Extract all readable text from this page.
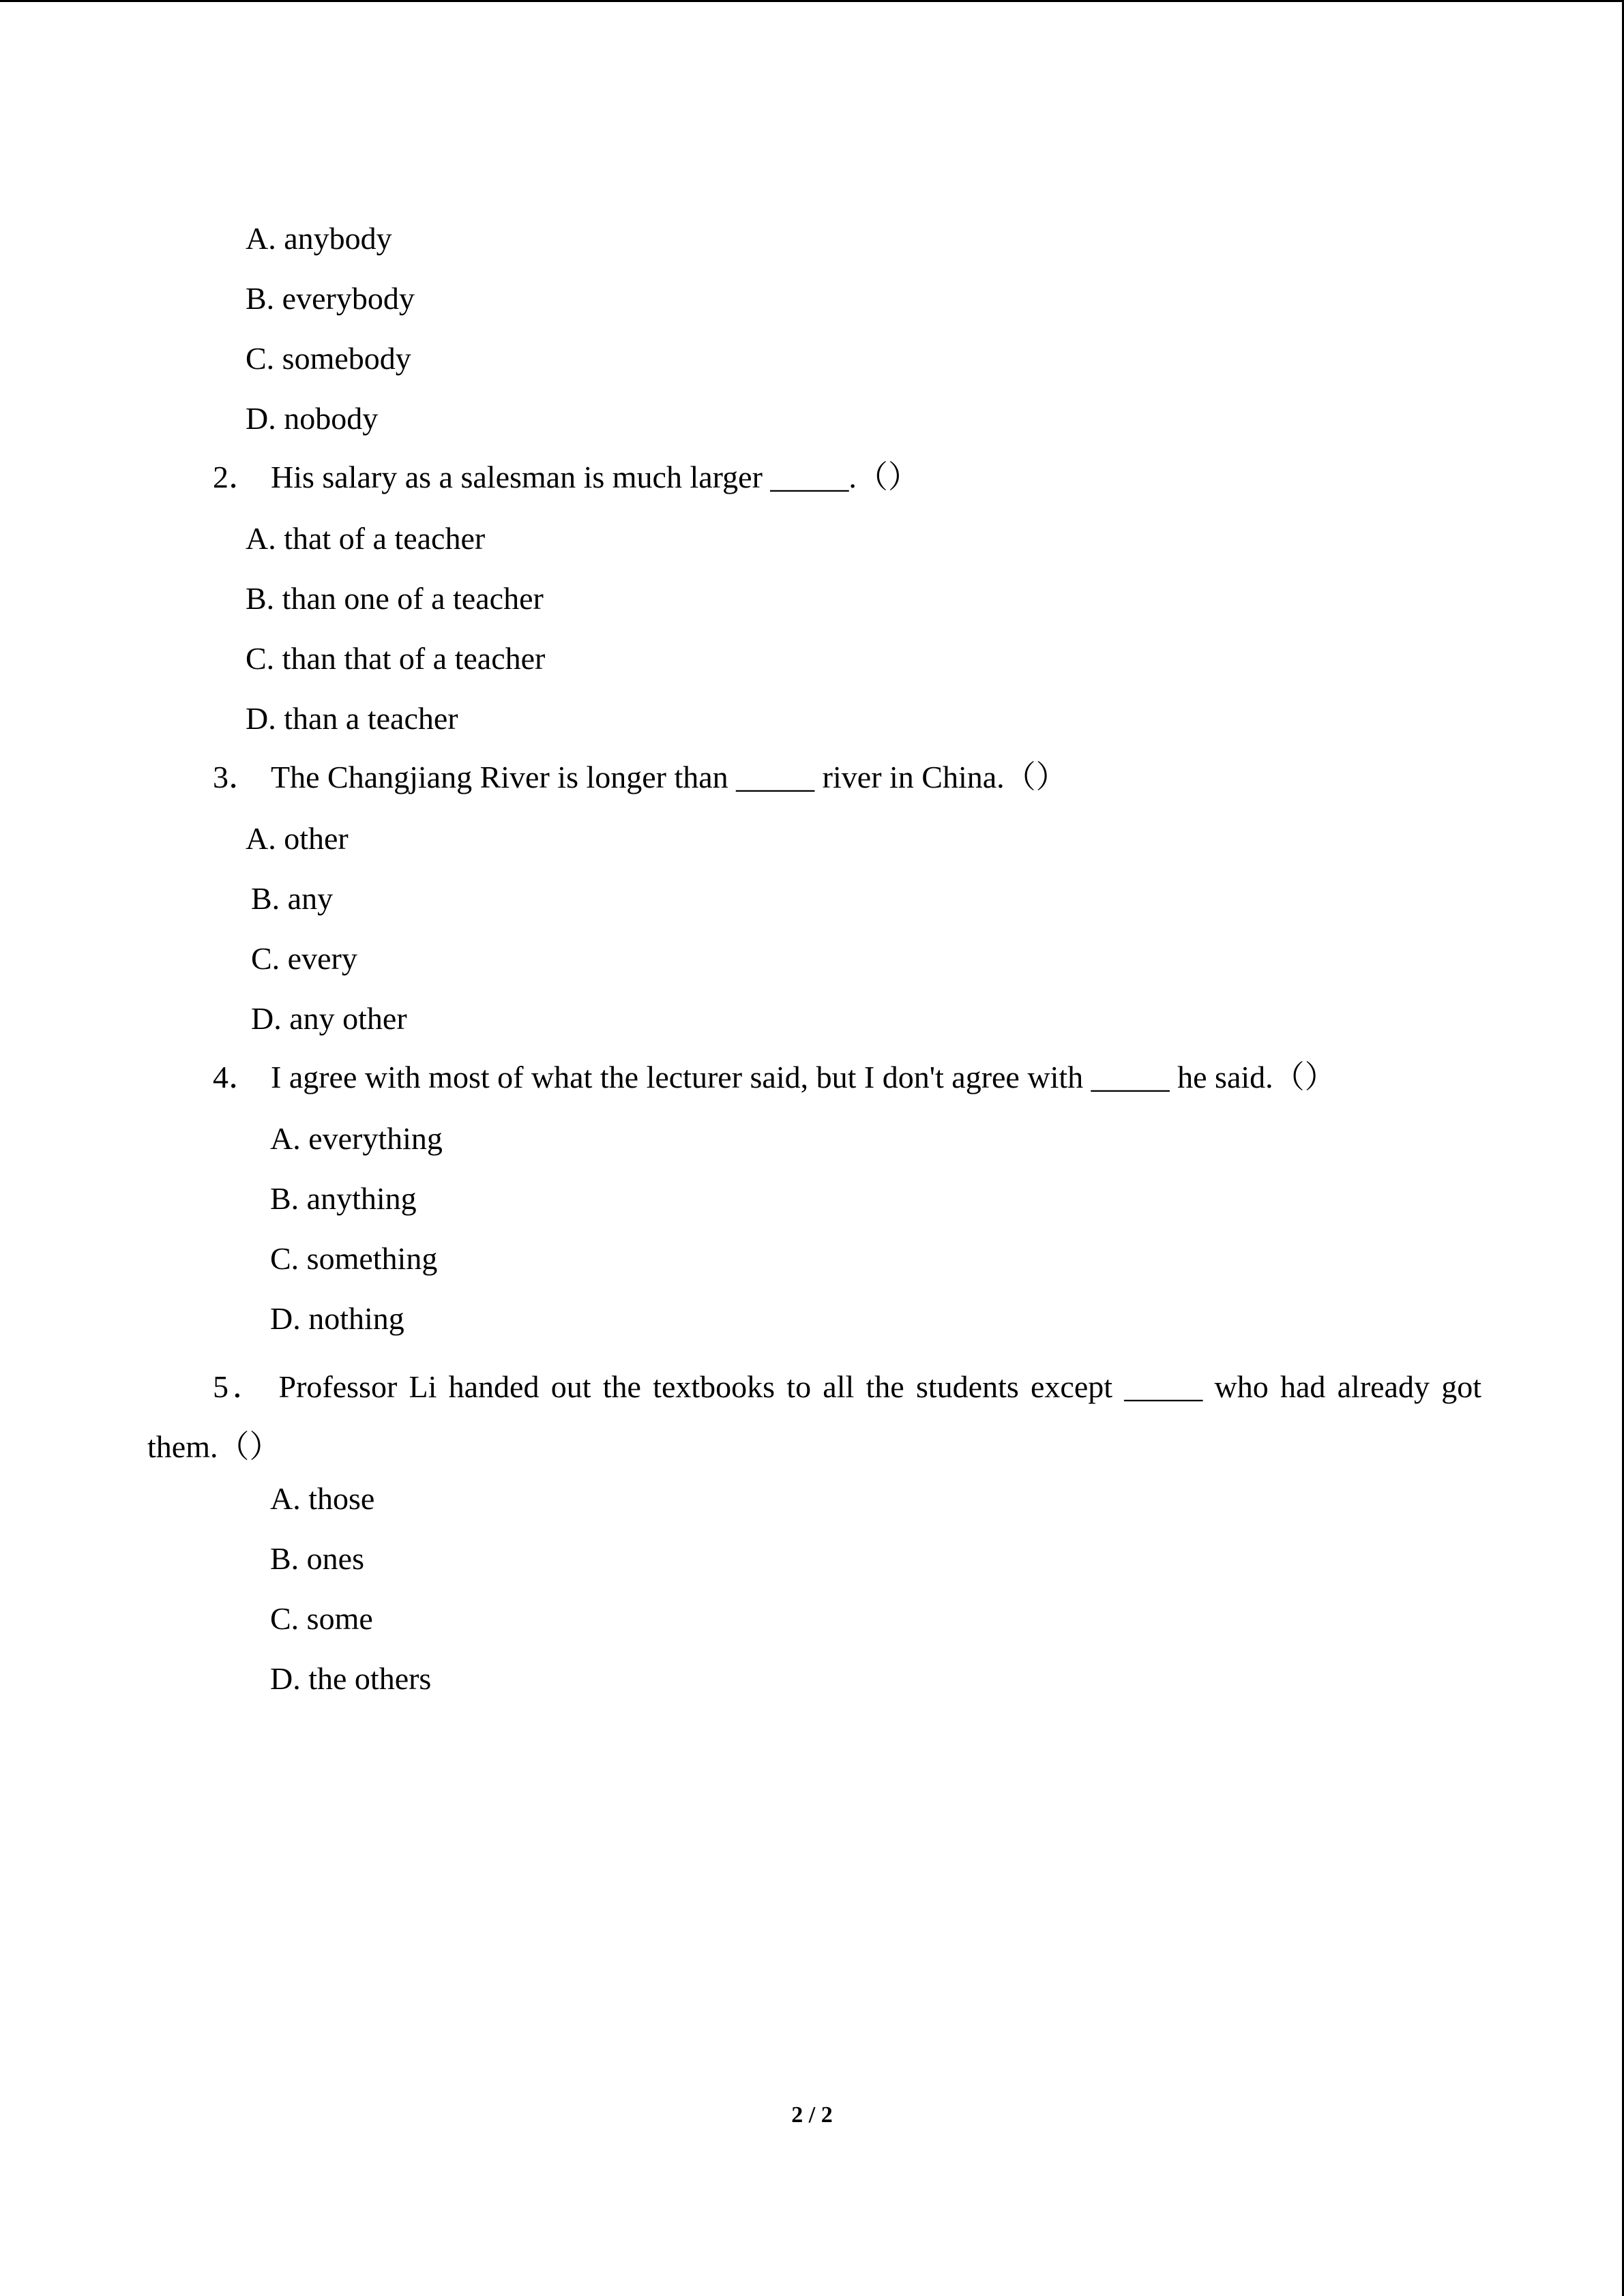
A. anybody
B. everybody
C. somebody
D. nobody
2． His salary as a salesman is much larger _____.（）
A. that of a teacher
B. than one of a teacher
C. than that of a teacher
D. than a teacher
3． The Changjiang River is longer than _____ river in China.（）
A. other
B. any
C. every
D. any other
4． I agree with most of what the lecturer said, but I don't agree with _____ he said.（）
A. everything
B. anything
C. something
D. nothing
5． Professor Li handed out the textbooks to all the students except _____ who had already got them.（）
A. those
B. ones
C. some
D. the others
2 / 2
